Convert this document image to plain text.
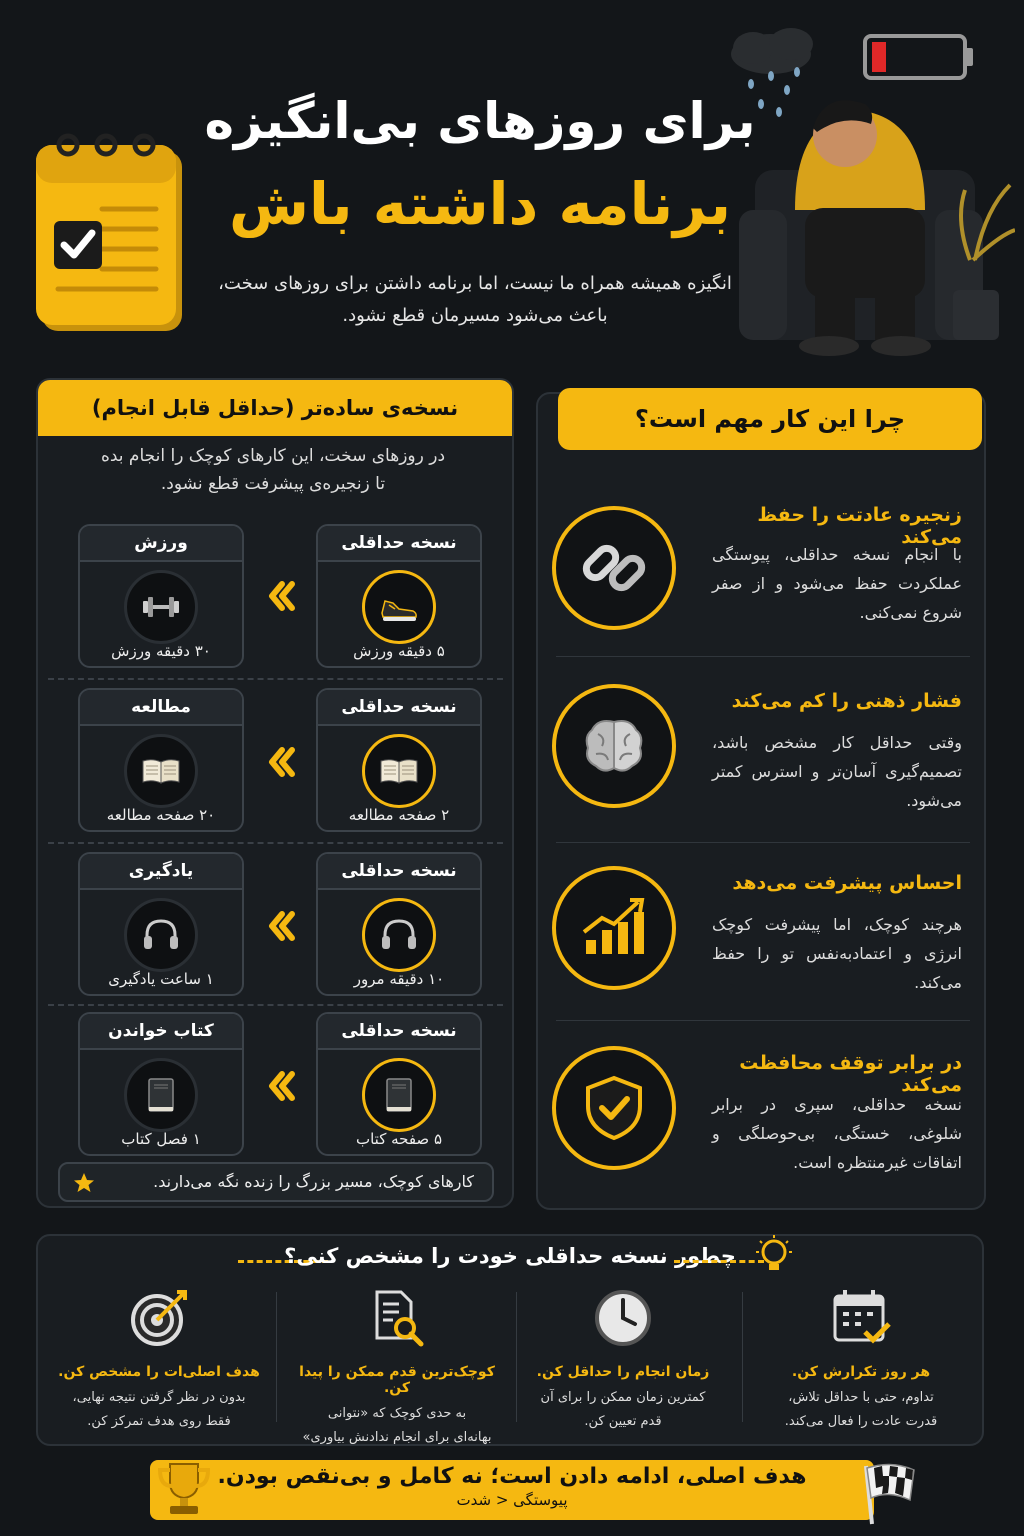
برای روزهای بی‌انگیزه
برنامه داشته باش
انگیزه همیشه همراه ما نیست، اما برنامه داشتن برای روزهای سخت،
باعث می‌شود مسیرمان قطع نشود.
نسخه‌ی ساده‌تر (حداقل قابل انجام)
در روزهای سخت، این کارهای کوچک را انجام بده
تا زنجیره‌ی پیشرفت قطع نشود.
نسخه حداقلی
۵ دقیقه ورزش
ورزش
۳۰ دقیقه ورزش
نسخه حداقلی
۲ صفحه مطالعه
مطالعه
۲۰ صفحه مطالعه
نسخه حداقلی
۱۰ دقیقه مرور
یادگیری
۱ ساعت یادگیری
نسخه حداقلی
۵ صفحه کتاب
کتاب خواندن
۱ فصل کتاب
کارهای کوچک، مسیر بزرگ را زنده نگه می‌دارند.
چرا این کار مهم است؟
زنجیره عادتت را حفظ می‌کند
با انجام نسخه حداقلی، پیوستگی عملکردت حفظ می‌شود و از صفر شروع نمی‌کنی.
فشار ذهنی را کم می‌کند
وقتی حداقل کار مشخص باشد، تصمیم‌گیری آسان‌تر و استرس کمتر می‌شود.
احساس پیشرفت می‌دهد
هرچند کوچک، اما پیشرفت کوچک انرژی و اعتمادبه‌نفس تو را حفظ می‌کند.
در برابر توقف محافظت می‌کند
نسخه حداقلی، سپری در برابر شلوغی، خستگی، بی‌حوصلگی و اتفاقات غیرمنتظره است.
چطور نسخه حداقلی خودت را مشخص کنی؟
هر روز تکرارش کن.
تداوم، حتی با حداقل تلاش،
قدرت عادت را فعال می‌کند.
زمان انجام را حداقل کن.
کمترین زمان ممکن را برای آن
قدم تعیین کن.
کوچک‌ترین قدم ممکن را پیدا کن.
به حدی کوچک که «نتوانی
بهانه‌ای برای انجام ندادنش بیاوری»
هدف اصلی‌ات را مشخص کن.
بدون در نظر گرفتن نتیجه نهایی،
فقط روی هدف تمرکز کن.
هدف اصلی، ادامه دادن است؛ نه کامل و بی‌نقص بودن.
پیوستگی < شدت
